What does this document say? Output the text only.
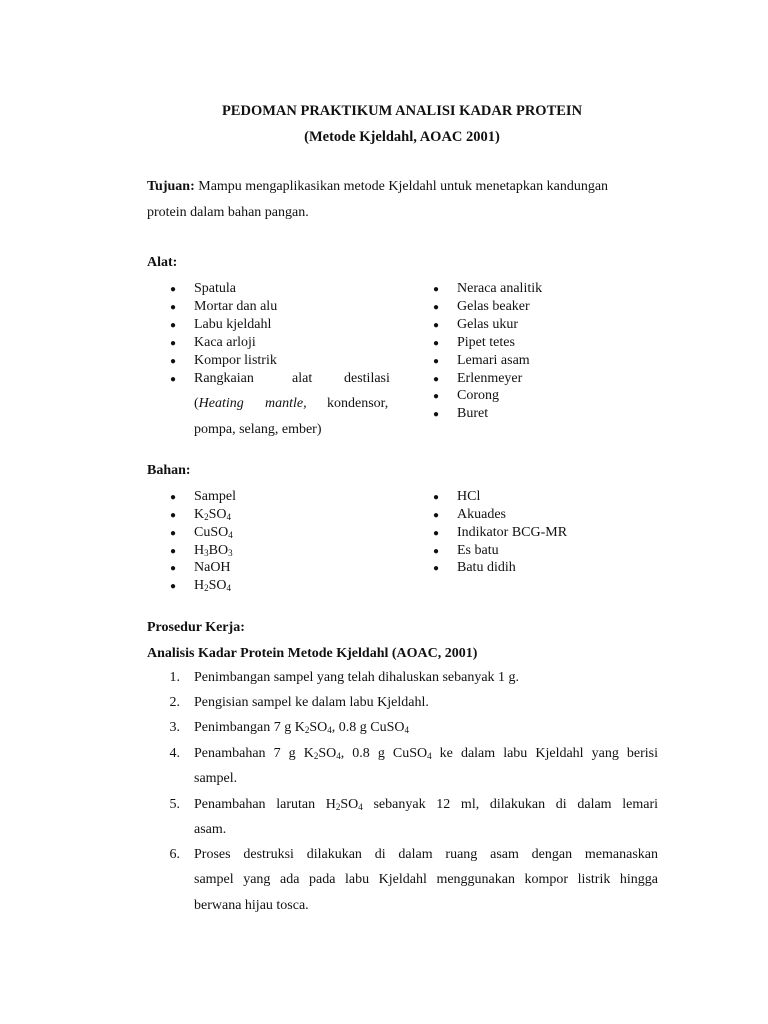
PEDOMAN PRAKTIKUM ANALISI KADAR PROTEIN
(Metode Kjeldahl, AOAC 2001)
Tujuan: Mampu mengaplikasikan metode Kjeldahl untuk menetapkan kandungan
protein dalam bahan pangan.
Alat:
● Spatula
● Mortar dan alu
● Labu kjeldahl
● Kaca arloji
● Kompor listrik
● Rangkaian	alat destilasi
(Heating mantle, kondensor,
pompa, selang, ember)
● Neraca analitik
● Gelas beaker
● Gelas ukur
● Pipet tetes
● Lemari asam
● Erlenmeyer
● Corong
● Buret
Bahan:
● Sampel
● $K_2SO_4$
● CuSO$_4$
● $H_3BO_3$
● NaOH
● $H_2SO_4$
● HCl
● Akuades
● Indikator BCG-MR
● Es batu
● Batu didih
Prosedur Kerja:
Analisis Kadar Protein Metode Kjeldahl (AOAC, 2001)
1. Penimbangan sampel yang telah dihaluskan sebanyak 1 g.
2. Pengisian sampel ke dalam labu Kjeldahl.
3. Penimbangan 7 g $K_2SO_4$, 0.8 g CuSO$_4$
4. Penambahan 7 g $K_2SO_4$, 0.8 g CuSO$_4$ ke dalam labu Kjeldahl yang berisi
sampel.
5. Penambahan larutan $H_2SO_4$ sebanyak 12 ml, dilakukan di dalam lemari
asam.
6. Proses destruksi dilakukan di dalam ruang asam dengan memanaskan
sampel yang ada pada labu Kjeldahl menggunakan kompor listrik hingga
berwana hijau tosca.
